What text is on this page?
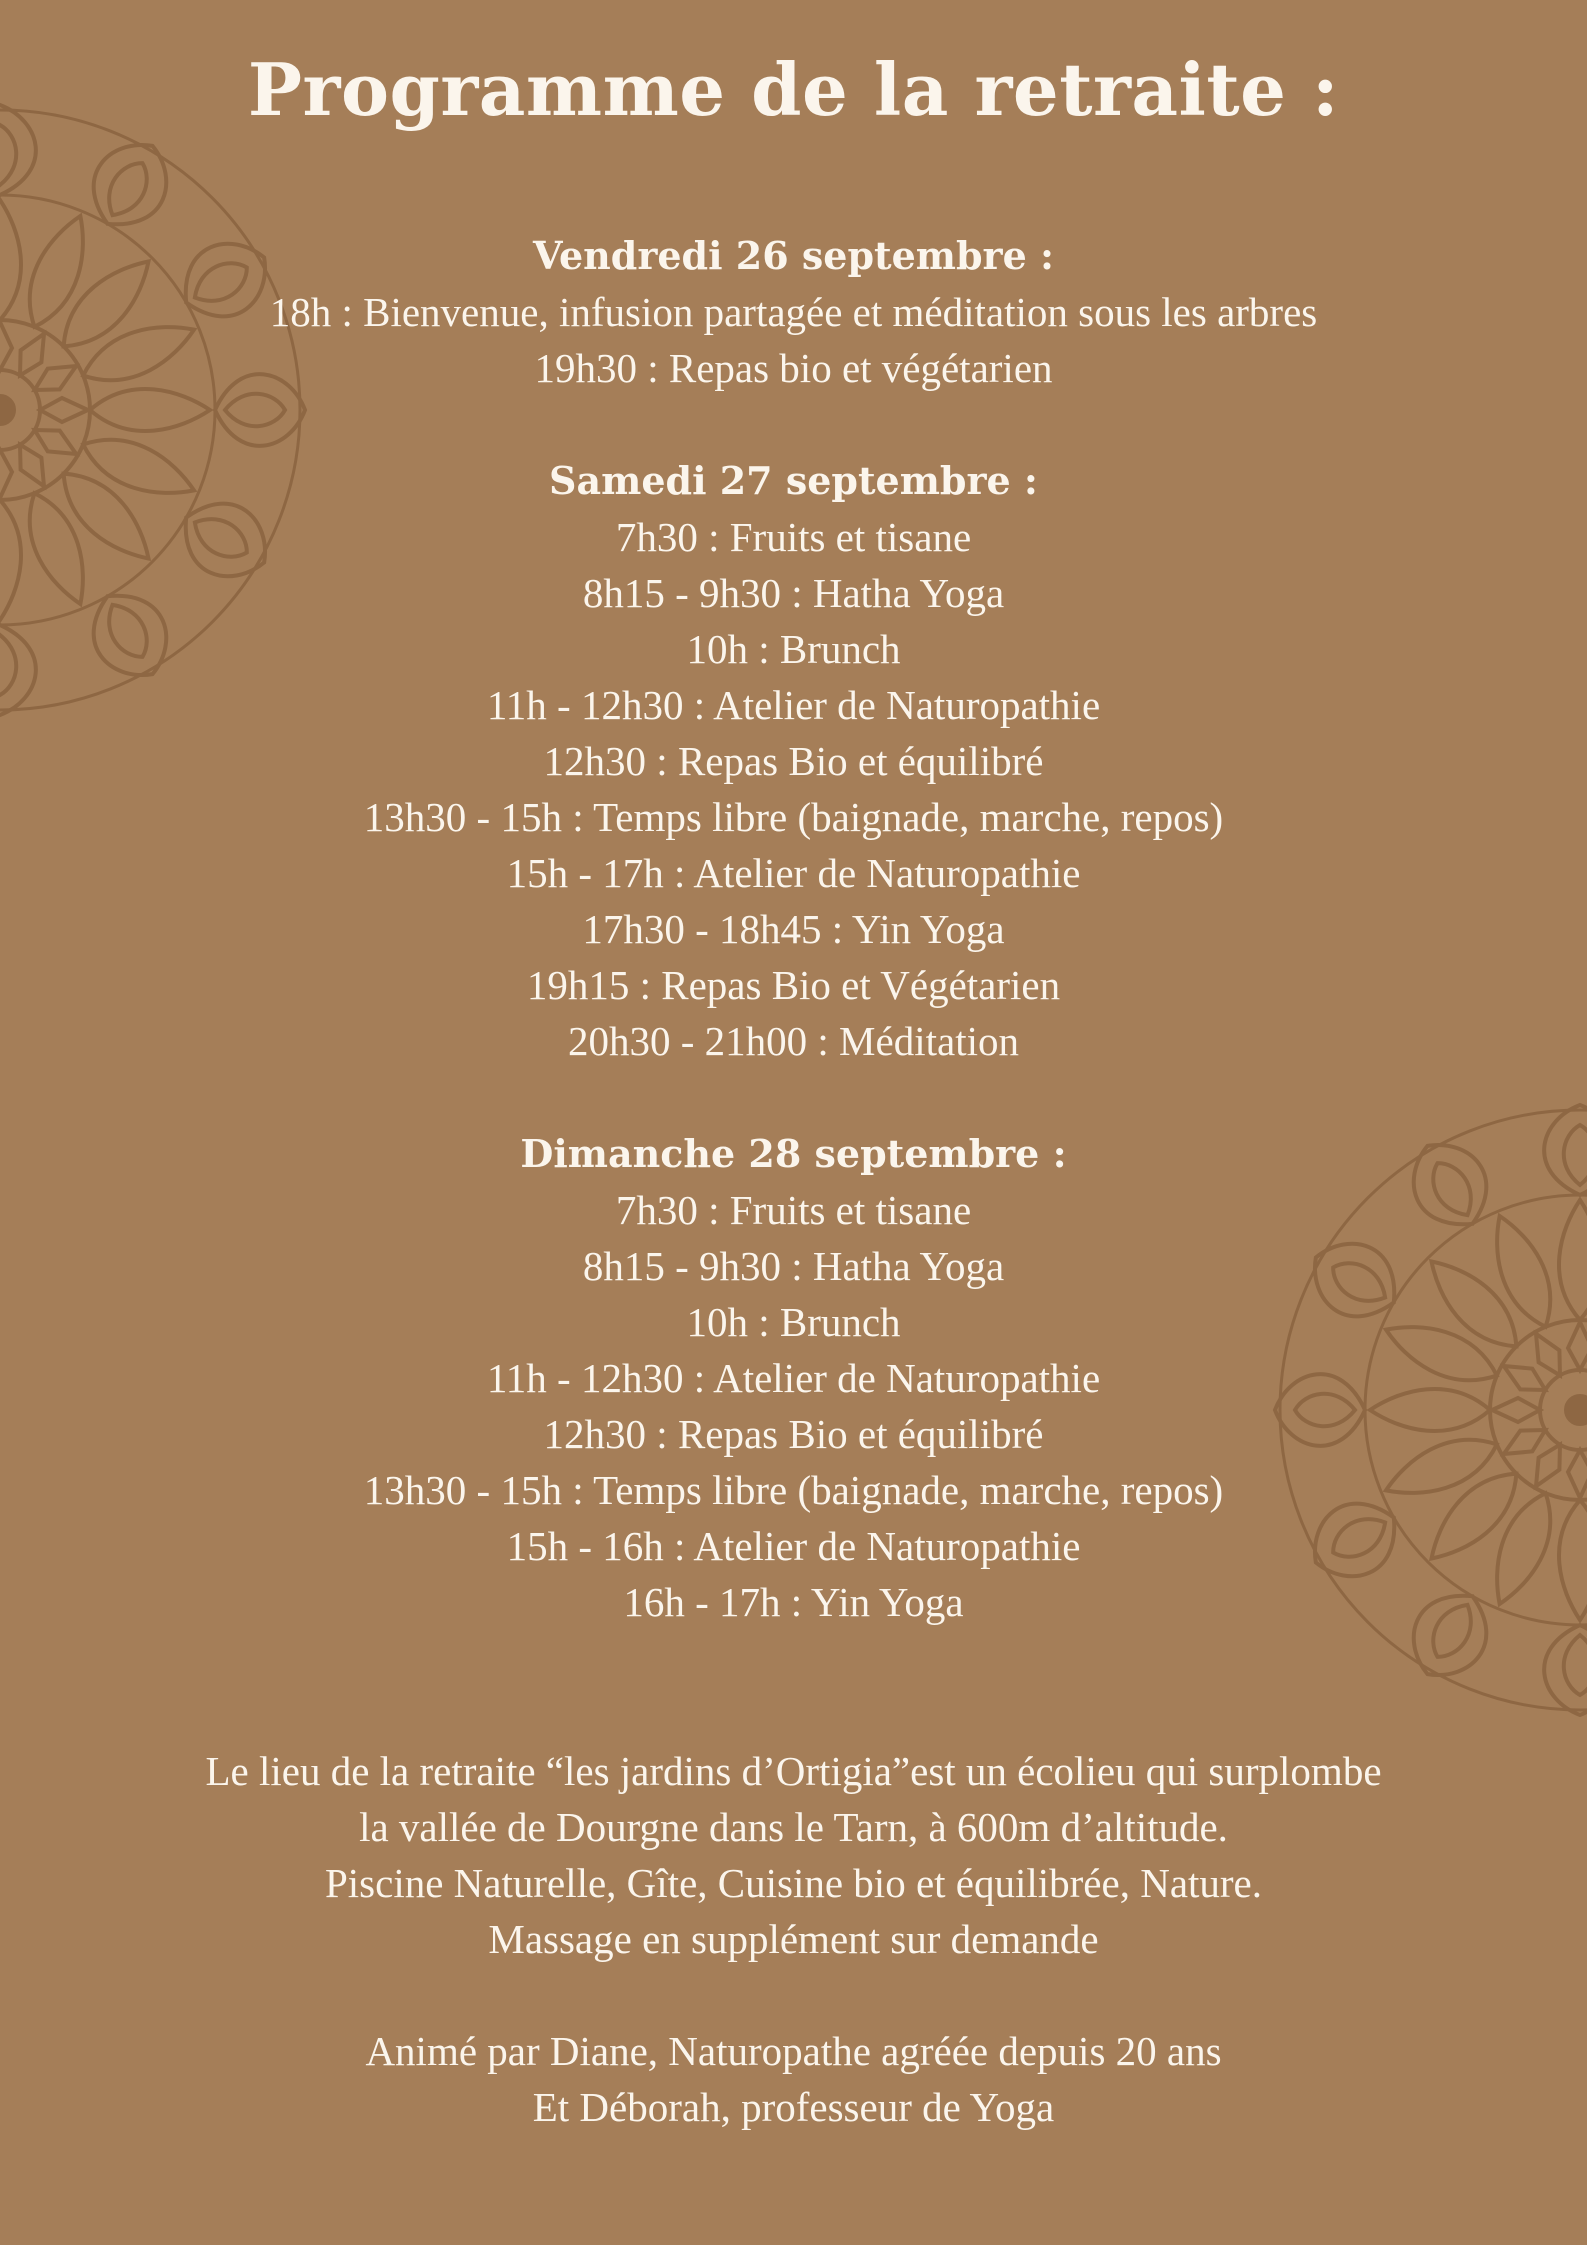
Programme de la retraite :
Vendredi 26 septembre :
18h : Bienvenue, infusion partagée et méditation sous les arbres
19h30 : Repas bio et végétarien
Samedi 27 septembre :
7h30 : Fruits et tisane
8h15 - 9h30 : Hatha Yoga
10h : Brunch
11h - 12h30 : Atelier de Naturopathie
12h30 : Repas Bio et équilibré
13h30 - 15h : Temps libre (baignade, marche, repos)
15h - 17h : Atelier de Naturopathie
17h30 - 18h45 : Yin Yoga
19h15 : Repas Bio et Végétarien
20h30 - 21h00 : Méditation
Dimanche 28 septembre :
7h30 : Fruits et tisane
8h15 - 9h30 : Hatha Yoga
10h : Brunch
11h - 12h30 : Atelier de Naturopathie
12h30 : Repas Bio et équilibré
13h30 - 15h : Temps libre (baignade, marche, repos)
15h - 16h : Atelier de Naturopathie
16h - 17h : Yin Yoga
Le lieu de la retraite “les jardins d’Ortigia”est un écolieu qui surplombe
la vallée de Dourgne dans le Tarn, à 600m d’altitude.
Piscine Naturelle, Gîte, Cuisine bio et équilibrée, Nature.
Massage en supplément sur demande
Animé par Diane, Naturopathe agréée depuis 20 ans
Et Déborah, professeur de Yoga
